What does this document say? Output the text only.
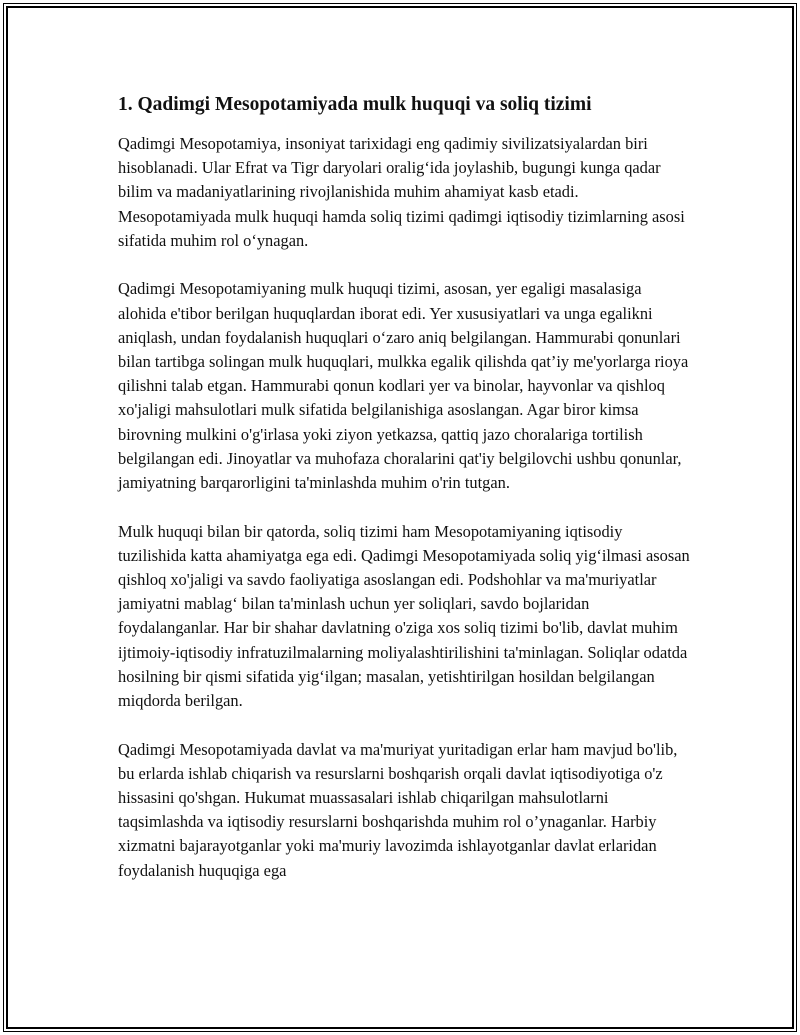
1. Qadimgi Mesopotamiyada mulk huquqi va soliq tizimi

Qadimgi Mesopotamiya, insoniyat tarixidagi eng qadimiy sivilizatsiyalardan biri hisoblanadi. Ular Efrat va Tigr daryolari oralig‘ida joylashib, bugungi kunga qadar bilim va madaniyatlarining rivojlanishida muhim ahamiyat kasb etadi. Mesopotamiyada mulk huquqi hamda soliq tizimi qadimgi iqtisodiy tizimlarning asosi sifatida muhim rol o‘ynagan.

Qadimgi Mesopotamiyaning mulk huquqi tizimi, asosan, yer egaligi masalasiga alohida e'tibor berilgan huquqlardan iborat edi. Yer xususiyatlari va unga egalikni aniqlash, undan foydalanish huquqlari o‘zaro aniq belgilangan. Hammurabi qonunlari bilan tartibga solingan mulk huquqlari, mulkka egalik qilishda qat’iy me'yorlarga rioya qilishni talab etgan. Hammurabi qonun kodlari yer va binolar, hayvonlar va qishloq xo'jaligi mahsulotlari mulk sifatida belgilanishiga asoslangan. Agar biror kimsa birovning mulkini o'g'irlasa yoki ziyon yetkazsa, qattiq jazo choralariga tortilish belgilangan edi. Jinoyatlar va muhofaza choralarini qat'iy belgilovchi ushbu qonunlar, jamiyatning barqarorligini ta'minlashda muhim o'rin tutgan.

Mulk huquqi bilan bir qatorda, soliq tizimi ham Mesopotamiyaning iqtisodiy tuzilishida katta ahamiyatga ega edi. Qadimgi Mesopotamiyada soliq yig‘ilmasi asosan qishloq xo'jaligi va savdo faoliyatiga asoslangan edi. Podshohlar va ma'muriyatlar jamiyatni mablag‘ bilan ta'minlash uchun yer soliqlari, savdo bojlaridan foydalanganlar. Har bir shahar davlatning o'ziga xos soliq tizimi bo'lib, davlat muhim ijtimoiy-iqtisodiy infratuzilmalarning moliyalashtirilishini ta'minlagan. Soliqlar odatda hosilning bir qismi sifatida yig‘ilgan; masalan, yetishtirilgan hosildan belgilangan miqdorda berilgan.

Qadimgi Mesopotamiyada davlat va ma'muriyat yuritadigan erlar ham mavjud bo'lib, bu erlarda ishlab chiqarish va resurslarni boshqarish orqali davlat iqtisodiyotiga o'z hissasini qo'shgan. Hukumat muassasalari ishlab chiqarilgan mahsulotlarni taqsimlashda va iqtisodiy resurslarni boshqarishda muhim rol o’ynaganlar. Harbiy xizmatni bajarayotganlar yoki ma'muriy lavozimda ishlayotganlar davlat erlaridan foydalanish huquqiga ega
